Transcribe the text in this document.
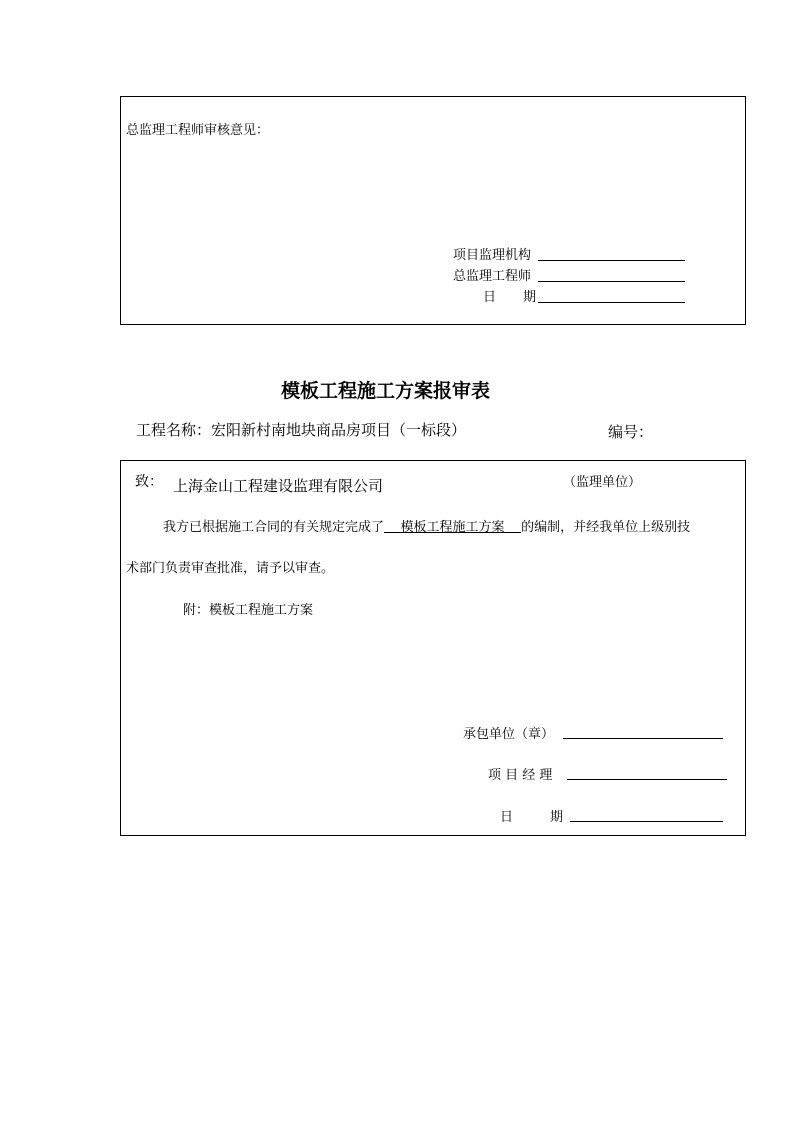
总监理工程师审核意见：
项目监理机构
总监理工程师
日 期
模板工程施工方案报审表
工程名称：宏阳新村南地块商品房项目（一标段）	编号：
致： 上海金山工程建设监理有限公司	（监理单位）
我方已根据施工合同的有关规定完成了 模板工程施工方案 的编制，并经我单位上级别技
术部门负责审查批准，请予以审查。
附：模板工程施工方案
承包单位（章）
项 目 经 理
日	期
